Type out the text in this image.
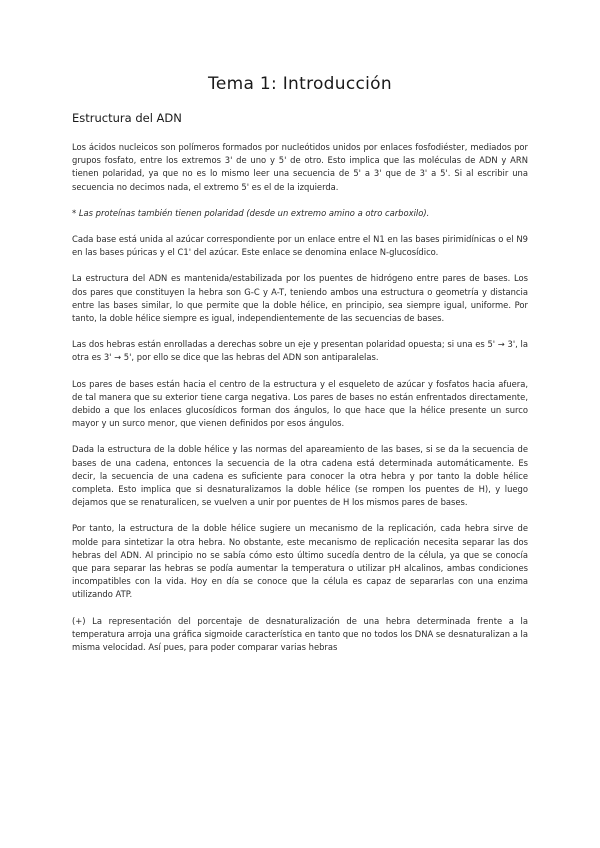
Tema 1: Introducción
Estructura del ADN

Los ácidos nucleicos son polímeros formados por nucleótidos unidos por enlaces fosfodiéster, mediados por grupos fosfato, entre los extremos 3' de uno y 5' de otro. Esto implica que las moléculas de ADN y ARN tienen polaridad, ya que no es lo mismo leer una secuencia de 5' a 3' que de 3' a 5'. Si al escribir una secuencia no decimos nada, el extremo 5' es el de la izquierda.

* Las proteínas también tienen polaridad (desde un extremo amino a otro carboxilo).

Cada base está unida al azúcar correspondiente por un enlace entre el N1 en las bases pirimidínicas o el N9 en las bases púricas y el C1' del azúcar. Este enlace se denomina enlace N-glucosídico.

La estructura del ADN es mantenida/estabilizada por los puentes de hidrógeno entre pares de bases. Los dos pares que constituyen la hebra son G-C y A-T, teniendo ambos una estructura o geometría y distancia entre las bases similar, lo que permite que la doble hélice, en principio, sea siempre igual, uniforme. Por tanto, la doble hélice siempre es igual, independientemente de las secuencias de bases.

Las dos hebras están enrolladas a derechas sobre un eje y presentan polaridad opuesta; si una es 5' → 3', la otra es 3' → 5', por ello se dice que las hebras del ADN son antiparalelas.

Los pares de bases están hacia el centro de la estructura y el esqueleto de azúcar y fosfatos hacia afuera, de tal manera que su exterior tiene carga negativa. Los pares de bases no están enfrentados directamente, debido a que los enlaces glucosídicos forman dos ángulos, lo que hace que la hélice presente un surco mayor y un surco menor, que vienen definidos por esos ángulos.

Dada la estructura de la doble hélice y las normas del apareamiento de las bases, si se da la secuencia de bases de una cadena, entonces la secuencia de la otra cadena está determinada automáticamente. Es decir, la secuencia de una cadena es suficiente para conocer la otra hebra y por tanto la doble hélice completa. Esto implica que si desnaturalizamos la doble hélice (se rompen los puentes de H), y luego dejamos que se renaturalicen, se vuelven a unir por puentes de H los mismos pares de bases.

Por tanto, la estructura de la doble hélice sugiere un mecanismo de la replicación, cada hebra sirve de molde para sintetizar la otra hebra. No obstante, este mecanismo de replicación necesita separar las dos hebras del ADN. Al principio no se sabía cómo esto último sucedía dentro de la célula, ya que se conocía que para separar las hebras se podía aumentar la temperatura o utilizar pH alcalinos, ambas condiciones incompatibles con la vida. Hoy en día se conoce que la célula es capaz de separarlas con una enzima utilizando ATP.

(+) La representación del porcentaje de desnaturalización de una hebra determinada frente a la temperatura arroja una gráfica sigmoide característica en tanto que no todos los DNA se desnaturalizan a la misma velocidad. Así pues, para poder comparar varias hebras
